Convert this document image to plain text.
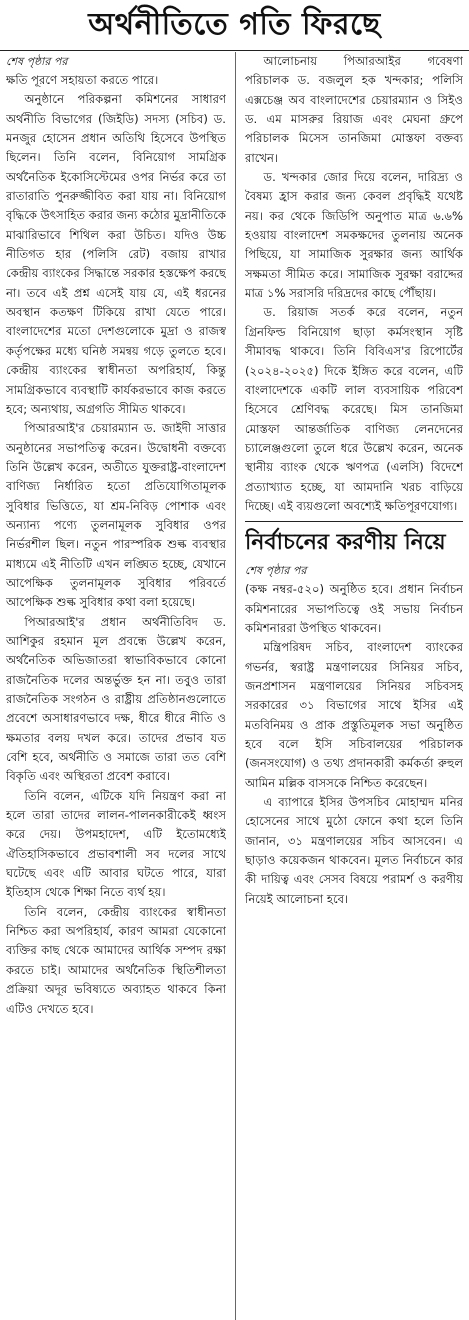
অর্থনীতিতে গতি ফিরছে
শেষ পৃষ্ঠার পর

ক্ষতি পূরণে সহায়তা করতে পারে।

অনুষ্ঠানে পরিকল্পনা কমিশনের সাধারণ অর্থনীতি বিভাগের (জিইডি) সদস্য (সচিব) ড. মনজুর হোসেন প্রধান অতিথি হিসেবে উপস্থিত ছিলেন। তিনি বলেন, বিনিয়োগ সামগ্রিক অর্থনৈতিক ইকোসিস্টেমের ওপর নির্ভর করে তা রাতারাতি পুনরুজ্জীবিত করা যায় না। বিনিয়োগ বৃদ্ধিকে উৎসাহিত করার জন্য কঠোর মুদ্রানীতিকে মাঝারিভাবে শিথিল করা উচিত। যদিও উচ্চ নীতিগত হার (পলিসি রেট) বজায় রাখার কেন্দ্রীয় ব্যাংকের সিদ্ধান্তে সরকার হস্তক্ষেপ করছে না। তবে এই প্রশ্ন এসেই যায় যে, এই ধরনের অবস্থান কতক্ষণ টিকিয়ে রাখা যেতে পারে। বাংলাদেশের মতো দেশগুলোকে মুদ্রা ও রাজস্ব কর্তৃপক্ষের মধ্যে ঘনিষ্ঠ সমন্বয় গড়ে তুলতে হবে। কেন্দ্রীয় ব্যাংকের স্বাধীনতা অপরিহার্য, কিন্তু সামগ্রিকভাবে ব্যবস্থাটি কার্যকরভাবে কাজ করতে হবে; অন্যথায়, অগ্রগতি সীমিত থাকবে।

পিআরআই'র চেয়ারম্যান ড. জাইদী সাত্তার অনুষ্ঠানের সভাপতিত্ব করেন। উদ্বোধনী বক্তব্যে তিনি উল্লেখ করেন, অতীতে যুক্তরাষ্ট্র-বাংলাদেশ বাণিজ্য নির্ধারিত হতো প্রতিযোগিতামূলক সুবিধার ভিত্তিতে, যা শ্রম-নিবিড় পোশাক এবং অন্যান্য পণ্যে তুলনামূলক সুবিধার ওপর নির্ভরশীল ছিল। নতুন পারস্পরিক শুল্ক ব্যবস্থার মাধ্যমে এই নীতিটি এখন লঙ্ঘিত হচ্ছে, যেখানে আপেক্ষিক তুলনামূলক সুবিধার পরিবর্তে আপেক্ষিক শুল্ক সুবিধার কথা বলা হয়েছে।

পিআরআই'র প্রধান অর্থনীতিবিদ ড. আশিকুর রহমান মূল প্রবন্ধে উল্লেখ করেন, অর্থনৈতিক অভিজাতরা স্বাভাবিকভাবে কোনো রাজনৈতিক দলের অন্তর্ভুক্ত হন না। তবুও তারা রাজনৈতিক সংগঠন ও রাষ্ট্রীয় প্রতিষ্ঠানগুলোতে প্রবেশে অসাধারণভাবে দক্ষ, ধীরে ধীরে নীতি ও ক্ষমতার বলয় দখল করে। তাদের প্রভাব যত বেশি হবে, অর্থনীতি ও সমাজে তারা তত বেশি বিকৃতি এবং অস্থিরতা প্রবেশ করাবে।

তিনি বলেন, এটিকে যদি নিয়ন্ত্রণ করা না হলে তারা তাদের লালন-পালনকারীকেই ধ্বংস করে দেয়। উপমহাদেশ, এটি ইতোমধ্যেই ঐতিহাসিকভাবে প্রভাবশালী সব দলের সাথে ঘটেছে এবং এটি আবার ঘটতে পারে, যারা ইতিহাস থেকে শিক্ষা নিতে ব্যর্থ হয়।

তিনি বলেন, কেন্দ্রীয় ব্যাংকের স্বাধীনতা নিশ্চিত করা অপরিহার্য, কারণ আমরা যেকোনো ব্যক্তির কাছ থেকে আমাদের আর্থিক সম্পদ রক্ষা করতে চাই। আমাদের অর্থনৈতিক স্থিতিশীলতা প্রক্রিয়া অদূর ভবিষ্যতে অব্যাহত থাকবে কিনা এটিও দেখতে হবে।

আলোচনায় পিআরআইর গবেষণা পরিচালক ড. বজলুল হক খন্দকার; পলিসি এক্সচেঞ্জ অব বাংলাদেশের চেয়ারম্যান ও সিইও ড. এম মাসরুর রিয়াজ এবং মেঘনা গ্রুপে পরিচালক মিসেস তানজিমা মোস্তফা বক্তব্য রাখেন।

ড. খন্দকার জোর দিয়ে বলেন, দারিদ্র্য ও বৈষম্য হ্রাস করার জন্য কেবল প্রবৃদ্ধিই যথেষ্ট নয়। কর থেকে জিডিপি অনুপাত মাত্র ৬.৬% হওয়ায় বাংলাদেশ সমকক্ষদের তুলনায় অনেক পিছিয়ে, যা সামাজিক সুরক্ষার জন্য আর্থিক সক্ষমতা সীমিত করে। সামাজিক সুরক্ষা বরাদ্দের মাত্র ১% সরাসরি দরিদ্রদের কাছে পৌঁছায়।

ড. রিয়াজ সতর্ক করে বলেন, নতুন গ্রিনফিল্ড বিনিয়োগ ছাড়া কর্মসংস্থান সৃষ্টি সীমাবদ্ধ থাকবে। তিনি বিবিএস'র রিপোর্টের (২০২৪-২০২৫) দিকে ইঙ্গিত করে বলেন, এটি বাংলাদেশকে একটি লাল ব্যবসায়িক পরিবেশ হিসেবে শ্রেণিবদ্ধ করেছে। মিস তানজিমা মোস্তফা আন্তর্জাতিক বাণিজ্য লেনদেনের চ্যালেঞ্জগুলো তুলে ধরে উল্লেখ করেন, অনেক স্থানীয় ব্যাংক থেকে ঋণপত্র (এলসি) বিদেশে প্রত্যাখ্যাত হচ্ছে, যা আমদানি খরচ বাড়িয়ে দিচ্ছে। এই ব্যয়গুলো অবশ্যেই ক্ষতিপূরণযোগ্য।

নির্বাচনের করণীয় নিয়ে
শেষ পৃষ্ঠার পর

(কক্ষ নম্বর-৫২০) অনুষ্ঠিত হবে। প্রধান নির্বাচন কমিশনারের সভাপতিত্বে ওই সভায় নির্বাচন কমিশনাররা উপস্থিত থাকবেন।

মন্ত্রিপরিষদ সচিব, বাংলাদেশ ব্যাংকের গভর্নর, স্বরাষ্ট্র মন্ত্রণালয়ের সিনিয়র সচিব, জনপ্রশাসন মন্ত্রণালয়ের সিনিয়র সচিবসহ সরকারের ৩১ বিভাগের সাথে ইসির এই মতবিনিময় ও প্রাক প্রস্তুতিমূলক সভা অনুষ্ঠিত হবে বলে ইসি সচিবালয়ের পরিচালক (জনসংযোগ) ও তথ্য প্রদানকারী কর্মকর্তা রুহুল আমিন মল্লিক বাসসকে নিশ্চিত করেছেন।

এ ব্যাপারে ইসির উপসচিব মোহাম্মদ মনির হোসেনের সাথে মুঠো ফোনে কথা হলে তিনি জানান, ৩১ মন্ত্রণালয়ের সচিব আসবেন। এ ছাড়াও কয়েকজন থাকবেন। মূলত নির্বাচনে কার কী দায়িত্ব এবং সেসব বিষয়ে পরামর্শ ও করণীয় নিয়েই আলোচনা হবে।
